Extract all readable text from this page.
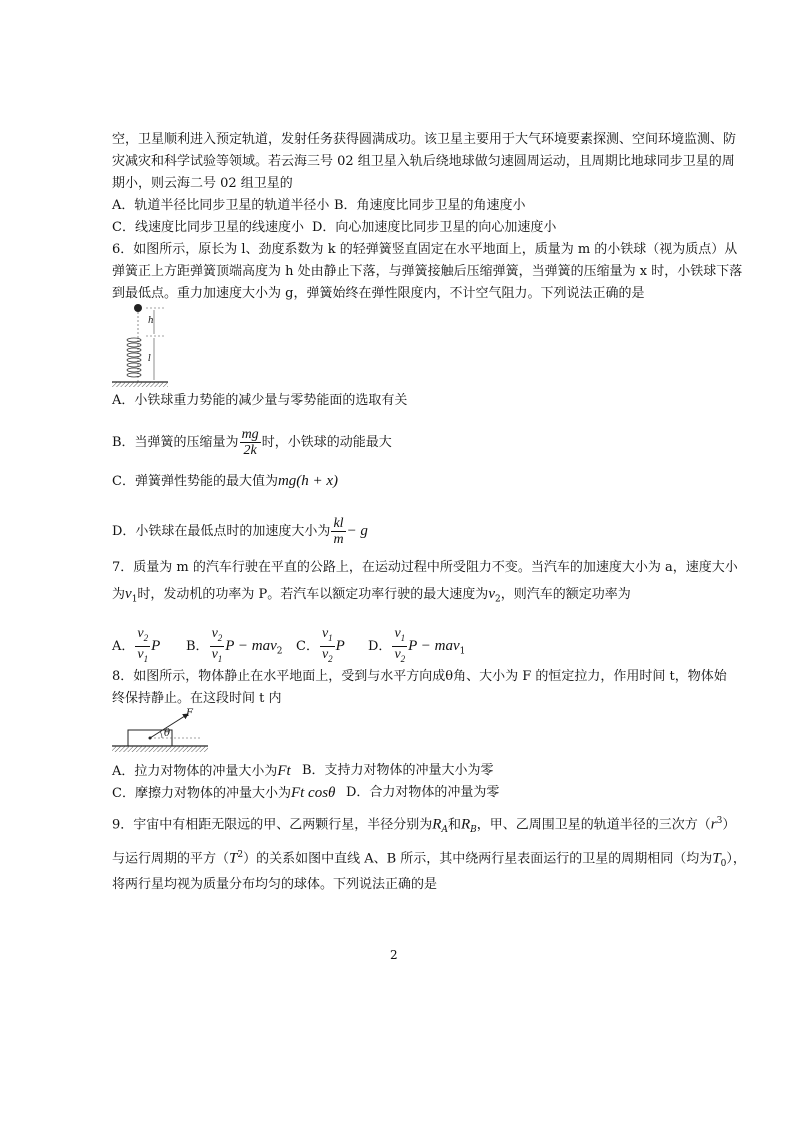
空，卫星顺利进入预定轨道，发射任务获得圆满成功。该卫星主要用于大气环境要素探测、空间环境监测、防
灾减灾和科学试验等领域。若云海三号 02 组卫星入轨后绕地球做匀速圆周运动，且周期比地球同步卫星的周
期小，则云海二号 02 组卫星的
A．轨道半径比同步卫星的轨道半径小 B．角速度比同步卫星的角速度小
C．线速度比同步卫星的线速度小 D．向心加速度比同步卫星的向心加速度小
6．如图所示，原长为 l、劲度系数为 k 的轻弹簧竖直固定在水平地面上，质量为 m 的小铁球（视为质点）从
弹簧正上方距弹簧顶端高度为 h 处由静止下落，与弹簧接触后压缩弹簧，当弹簧的压缩量为 x 时，小铁球下落
到最低点。重力加速度大小为 g，弹簧始终在弹性限度内，不计空气阻力。下列说法正确的是
h
l
A．小铁球重力势能的减少量与零势能面的选取有关
B．当弹簧的压缩量为 $\frac{mg}{2k}$ 时，小铁球的动能最大
C．弹簧弹性势能的最大值为mg(h + x)
D．小铁球在最低点时的加速度大小为 $\frac{kl}{m} - g$
7．质量为 m 的汽车行驶在平直的公路上，在运动过程中所受阻力不变。当汽车的加速度大小为 a，速度大小
为$v_1$时，发动机的功率为 P。若汽车以额定功率行驶的最大速度为$v_2$，则汽车的额定功率为
A． $\frac{v_2}{v_1}$ P B． $\frac{v_2}{v_1}$ P − mav$_2$ C． $\frac{v_1}{v_2}$ P D． $\frac{v_1}{v_2}$ P − mav$_1$
8．如图所示，物体静止在水平地面上，受到与水平方向成θ角、大小为 F 的恒定拉力，作用时间 t，物体始
终保持静止。在这段时间 t 内
F
θ
A．拉力对物体的冲量大小为Ft B．支持力对物体的冲量大小为零
C．摩擦力对物体的冲量大小为Ft cosθ D．合力对物体的冲量为零
9．宇宙中有相距无限远的甲、乙两颗行星，半径分别为$R_A$和$R_B$，甲、乙周围卫星的轨道半径的三次方$(r^3)$
与运行周期的平方$(T^2)$的关系如图中直线 A、B 所示，其中绕两行星表面运行的卫星的周期相同（均为$T_0$），
将两行星均视为质量分布均匀的球体。下列说法正确的是
2
